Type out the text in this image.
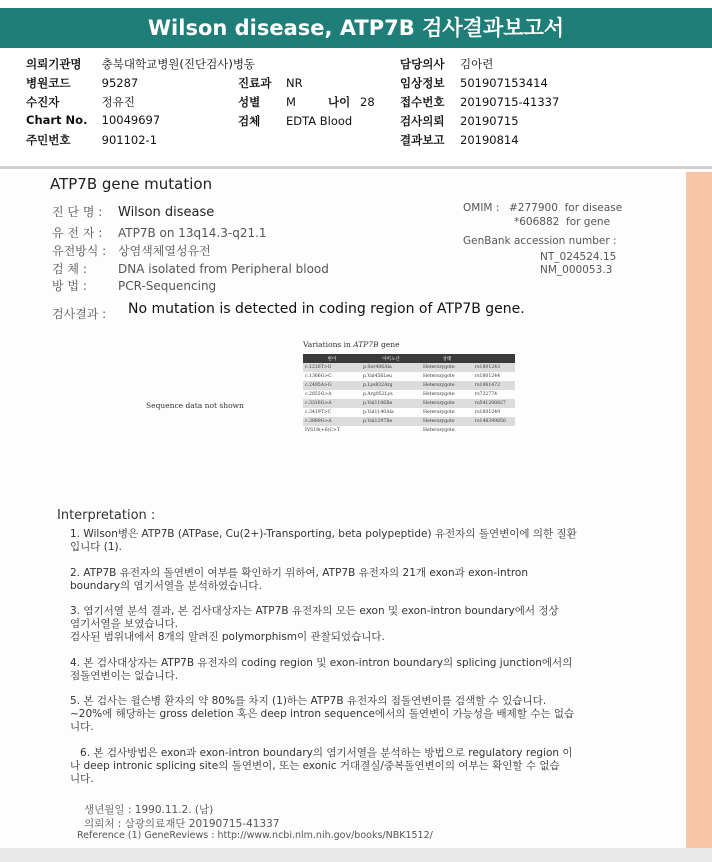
Wilson disease, ATP7B 검사결과보고서
의뢰기관명 충북대학교병원(진단검사)병동	담당의사 김아련
병원코드	95287	진료과 NR	임상정보 501907153414
수진자	정유진	성별 M	나이 28 접수번호 20190715-41337
Chart No. 10049697	검체 EDTA Blood	검사의뢰 20190715
주민번호	901102-1	결과보고 20190814
ATP7B gene mutation
진 단 명 : Wilson disease
유 전 자 : ATP7B on 13q14.3-q21.1
유전방식 : 상염색체열성유전
검 체 :	DNA isolated from Peripheral blood
방 법 :	PCR-Sequencing
OMIM : #277900 for disease
*606882 for gene
GenBank accession number :
NT_024524.15
NM_000053.3
검사결과 : No mutation is detected in coding region of ATP7B gene.
Variations in ATP7B gene
Sequence data not shown
Interpretation :
1. Wilson병은 ATP7B (ATPase, Cu(2+)-Transporting, beta polypeptide) 유전자의 돌연변이에 의한 질환
입니다 (1).
2. ATP7B 유전자의 돌연변이 여부를 확인하기 위하여, ATP7B 유전자의 21개 exon과 exon-intron
boundary의 염기서열을 분석하였습니다.
3. 염기서열 분석 결과, 본 검사대상자는 ATP7B 유전자의 모든 exon 및 exon-intron boundary에서 정상
염기서열을 보였습니다.
검사된 범위내에서 8개의 알려진 polymorphism이 관찰되었습니다.
4. 본 검사대상자는 ATP7B 유전자의 coding region 및 exon-intron boundary의 splicing junction에서의
점돌연변이는 없습니다.
5. 본 검사는 윌슨병 환자의 약 80%를 차지 (1)하는 ATP7B 유전자의 점돌연변이를 검색할 수 있습니다.
~20%에 해당하는 gross deletion 혹은 deep intron sequence에서의 돌연변이 가능성을 배제할 수는 없습
니다.
6. 본 검사방법은 exon과 exon-intron boundary의 염기서열을 분석하는 방법으로 regulatory region 이
나 deep intronic splicing site의 돌연변이, 또는 exonic 거대결실/중복돌연변이의 여부는 확인할 수 없습
니다.
생년월일 : 1990.11.2. (남)
의뢰처 : 삼광의료재단 20190715-41337
Reference (1) GeneReviews : http://www.ncbi.nlm.nih.gov/books/NBK1512/
변이	아미노산	상태	
c.1216T>G	p.Ser406Ala	Heterozygote	rs1801243
c.1366G>C	p.Val456Leu	Heterozygote	rs1801244
c.2495A>G	p.Lys832Arg	Heterozygote	rs1061472
c.2855G>A	p.Arg952Lys	Heterozygote	rs732774
c.3316G>A	p.Val1106Ile	Heterozygote	rs541208827
c.3419T>C	p.Val1140Ala	Heterozygote	rs1801249
c.3889G>A	p.Val1297Ile	Heterozygote	rs148399850
IVS18(+6)C>T		Heterozygote	
